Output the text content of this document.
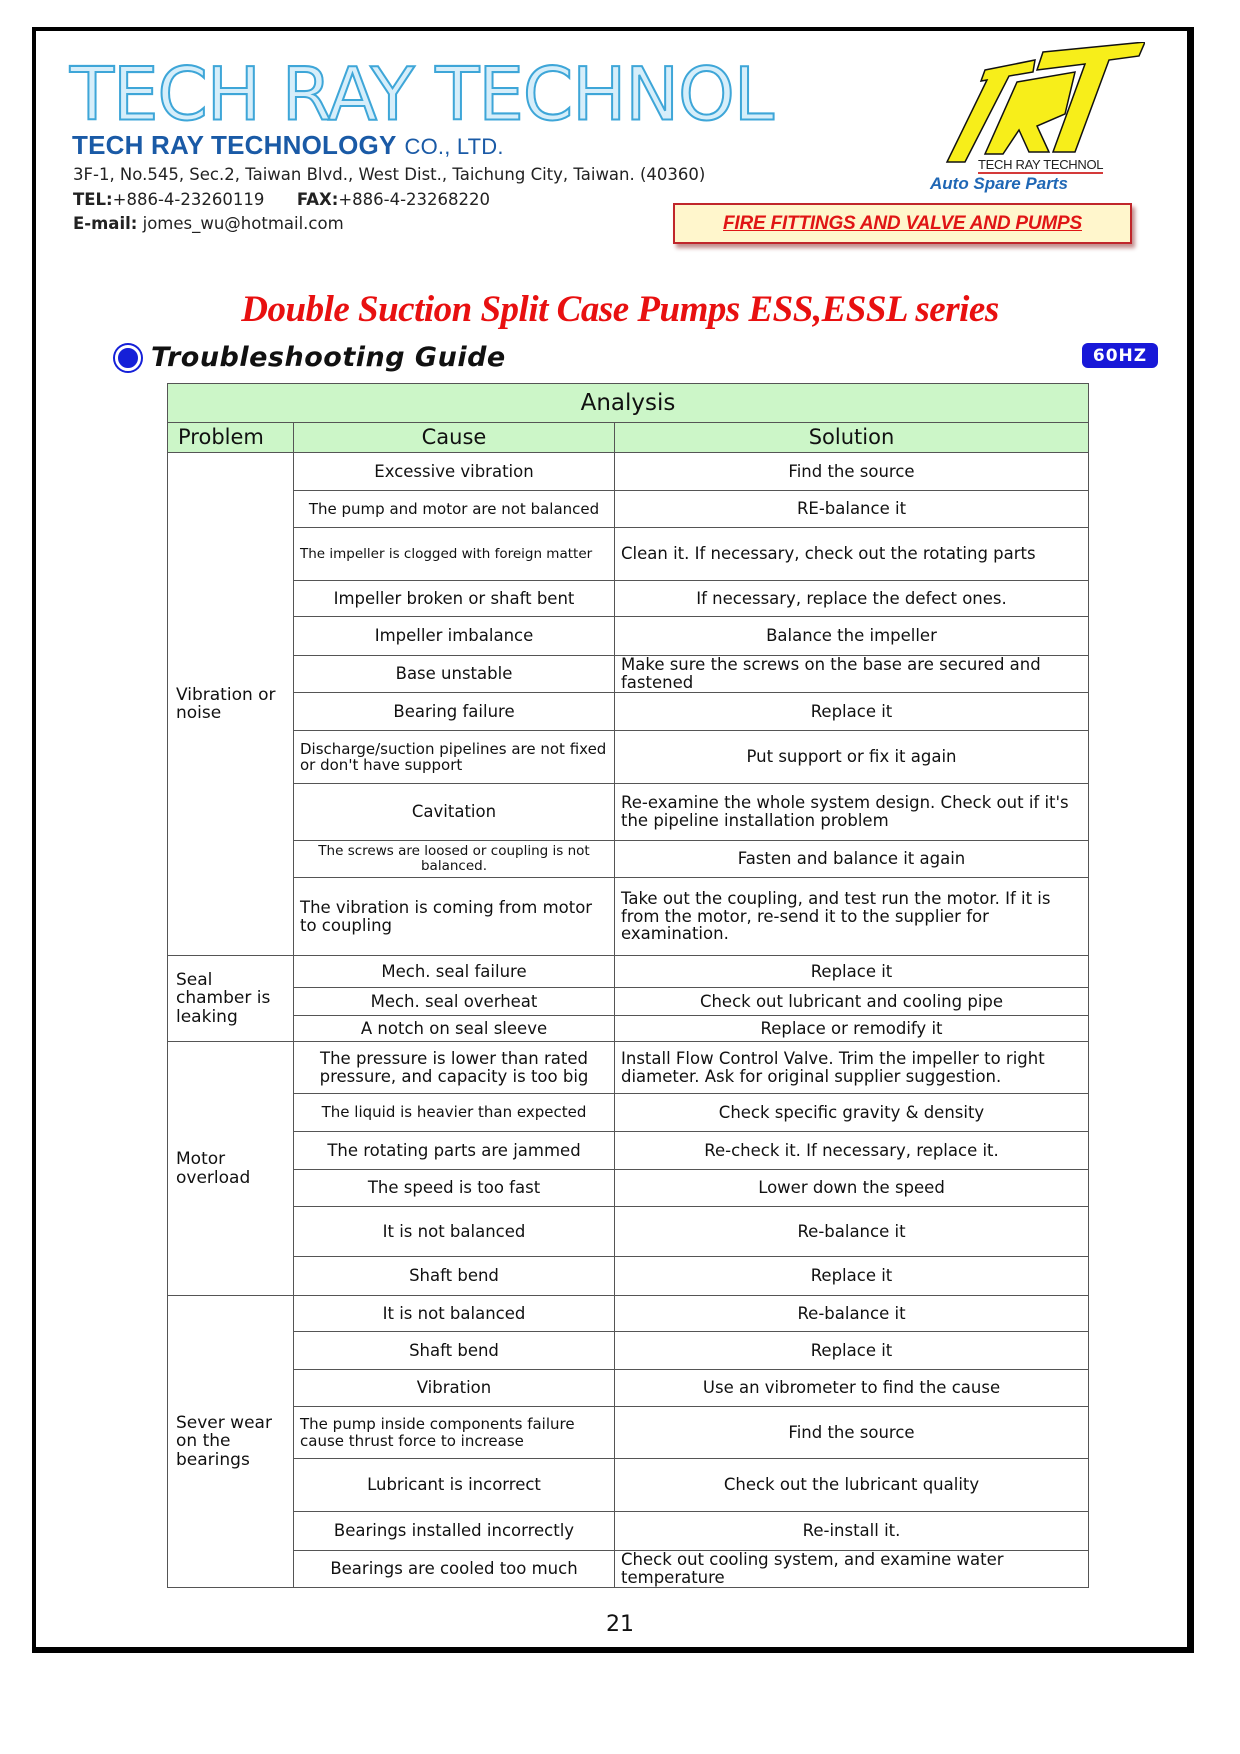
TECH RAY TECHNOL
TECH RAY TECHNOLOGY CO., LTD.
3F-1, No.545, Sec.2, Taiwan Blvd., West Dist., Taichung City, Taiwan. (40360)
TEL:+886-4-23260119 FAX:+886-4-23268220
E-mail: jomes_wu@hotmail.com
TECH RAY TECHNOL
Auto Spare Parts
FIRE FITTINGS AND VALVE AND PUMPS
Double Suction Split Case Pumps ESS,ESSL series
Troubleshooting Guide	60HZ
Analysis		
Problem	Cause	Solution
Vibration or noise	Excessive vibration	Find the source
	The pump and motor are not balanced	RE-balance it
	The impeller is clogged with foreign matter	Clean it. If necessary, check out the rotating parts
	Impeller broken or shaft bent	If necessary, replace the defect ones.
	Impeller imbalance	Balance the impeller
	Base unstable	Make sure the screws on the base are secured and fastened
	Bearing failure	Replace it
	Discharge/suction pipelines are not fixed or don't have support	Put support or fix it again
	Cavitation	Re-examine the whole system design. Check out if it's the pipeline installation problem
	The screws are loosed or coupling is not balanced.	Fasten and balance it again
	The vibration is coming from motor to coupling	Take out the coupling, and test run the motor. If it is from the motor, re-send it to the supplier for examination.
Seal chamber is leaking	Mech. seal failure	Replace it
	Mech. seal overheat	Check out lubricant and cooling pipe
	A notch on seal sleeve	Replace or remodify it
Motor overload	The pressure is lower than rated pressure, and capacity is too big	Install Flow Control Valve. Trim the impeller to right diameter. Ask for original supplier suggestion.
	The liquid is heavier than expected	Check specific gravity & density
	The rotating parts are jammed	Re-check it. If necessary, replace it.
	The speed is too fast	Lower down the speed
	It is not balanced	Re-balance it
	Shaft bend	Replace it
Sever wear on the bearings	It is not balanced	Re-balance it
	Shaft bend	Replace it
	Vibration	Use an vibrometer to find the cause
	The pump inside components failure cause thrust force to increase	Find the source
	Lubricant is incorrect	Check out the lubricant quality
	Bearings installed incorrectly	Re-install it.
	Bearings are cooled too much	Check out cooling system, and examine water temperature
21
